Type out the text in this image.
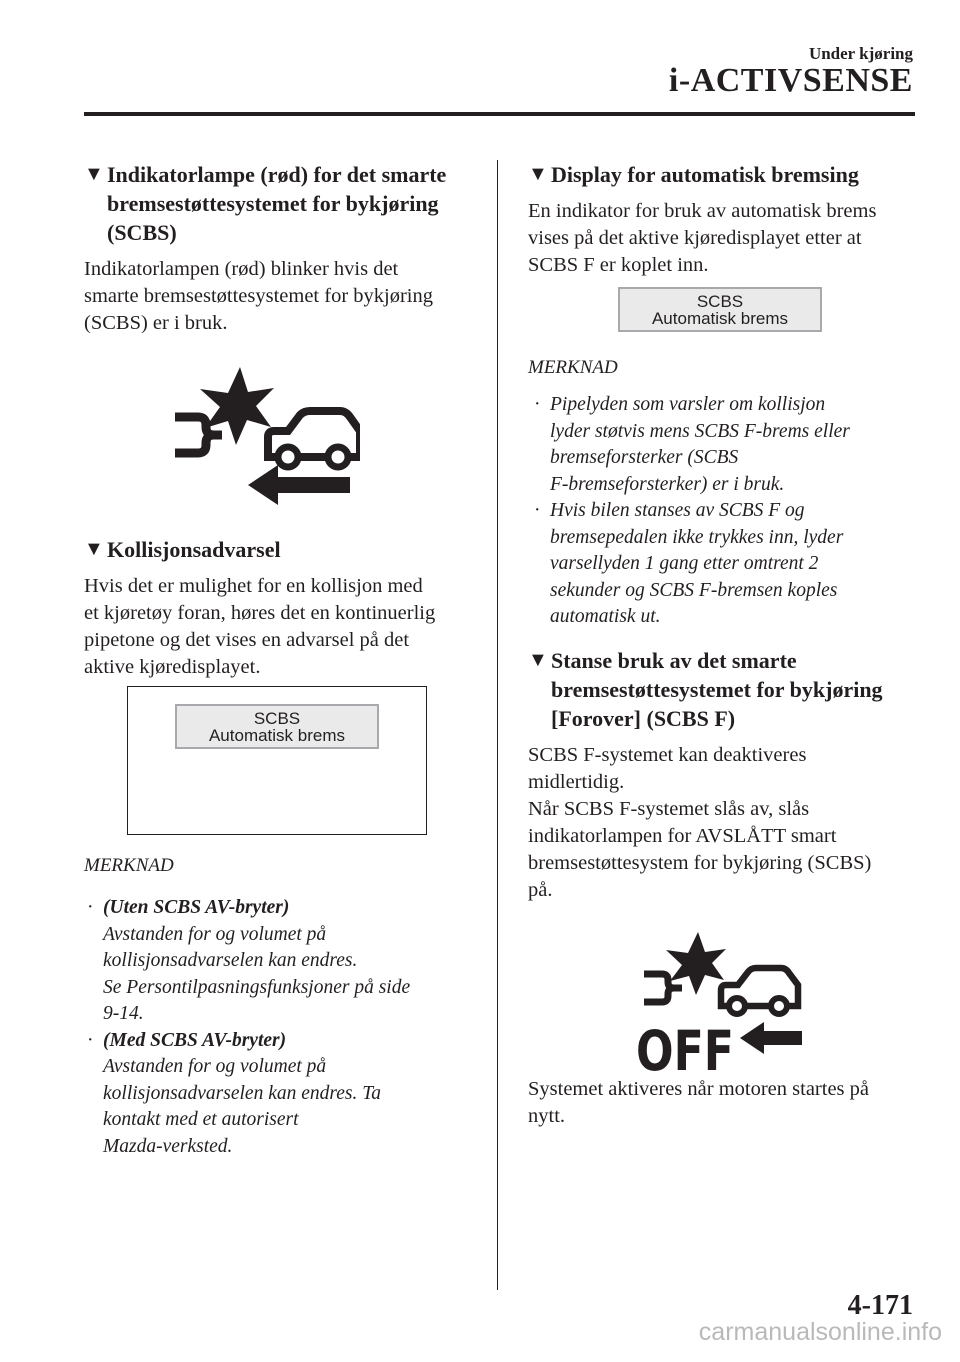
Under kjøring
i-ACTIVSENSE
▼ Indikatorlampe (rød) for det smarte
bremsestøttesystemet for bykjøring
(SCBS)
Indikatorlampen (rød) blinker hvis det
smarte bremsestøttesystemet for bykjøring
(SCBS) er i bruk.
▼ Kollisjonsadvarsel
Hvis det er mulighet for en kollisjon med
et kjøretøy foran, høres det en kontinuerlig
pipetone og det vises en advarsel på det
aktive kjøredisplayet.
SCBS
Automatisk brems
MERKNAD
· (Uten SCBS AV-bryter)
Avstanden for og volumet på
kollisjonsadvarselen kan endres.
Se Persontilpasningsfunksjoner på side
9-14.
· (Med SCBS AV-bryter)
Avstanden for og volumet på
kollisjonsadvarselen kan endres. Ta
kontakt med et autorisert
Mazda-verksted.
▼ Display for automatisk bremsing
En indikator for bruk av automatisk brems
vises på det aktive kjøredisplayet etter at
SCBS F er koplet inn.
SCBS
Automatisk brems
MERKNAD
· Pipelyden som varsler om kollisjon
lyder støtvis mens SCBS F-brems eller
bremseforsterker (SCBS
F-bremseforsterker) er i bruk.
· Hvis bilen stanses av SCBS F og
bremsepedalen ikke trykkes inn, lyder
varsellyden 1 gang etter omtrent 2
sekunder og SCBS F-bremsen koples
automatisk ut.
▼ Stanse bruk av det smarte
bremsestøttesystemet for bykjøring
[Forover] (SCBS F)
SCBS F-systemet kan deaktiveres
midlertidig.
Når SCBS F-systemet slås av, slås
indikatorlampen for AVSLÅTT smart
bremsestøttesystem for bykjøring (SCBS)
på.
OFF
Systemet aktiveres når motoren startes på
nytt.
4-171
carmanualsonline.info
